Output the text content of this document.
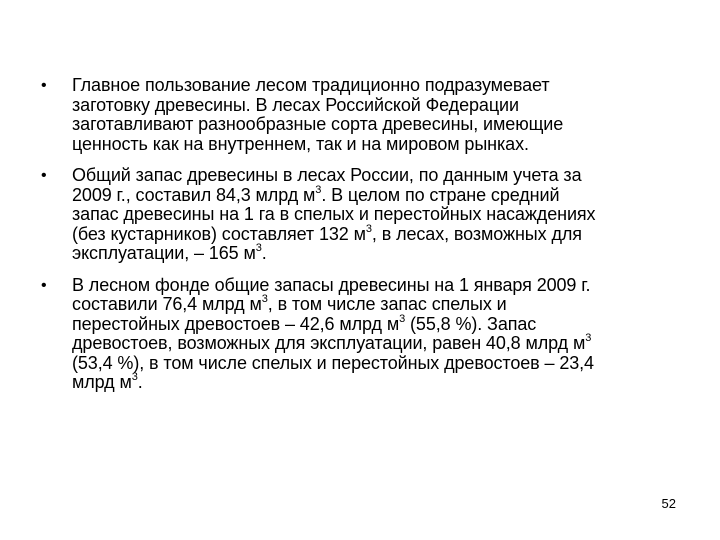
• Главное пользование лесом традиционно подразумевает
заготовку древесины. В лесах Российской Федерации
заготавливают разнообразные сорта древесины, имеющие
ценность как на внутреннем, так и на мировом рынках.
• Общий запас древесины в лесах России, по данным учета за
2009 г., составил 84,3 млрд $м^3$. В целом по стране средний
запас древесины на 1 га в спелых и перестойных насаждениях
(без кустарников) составляет 132 $м^3$, в лесах, возможных для
эксплуатации, – 165 $м^3$.
• В лесном фонде общие запасы древесины на 1 января 2009 г.
составили 76,4 млрд $м^3$, в том числе запас спелых и
перестойных древостоев – 42,6 млрд $м^3$ (55,8 %). Запас
древостоев, возможных для эксплуатации, равен 40,8 млрд $м^3$
(53,4 %), в том числе спелых и перестойных древостоев – 23,4
млрд $м^3$.
52
